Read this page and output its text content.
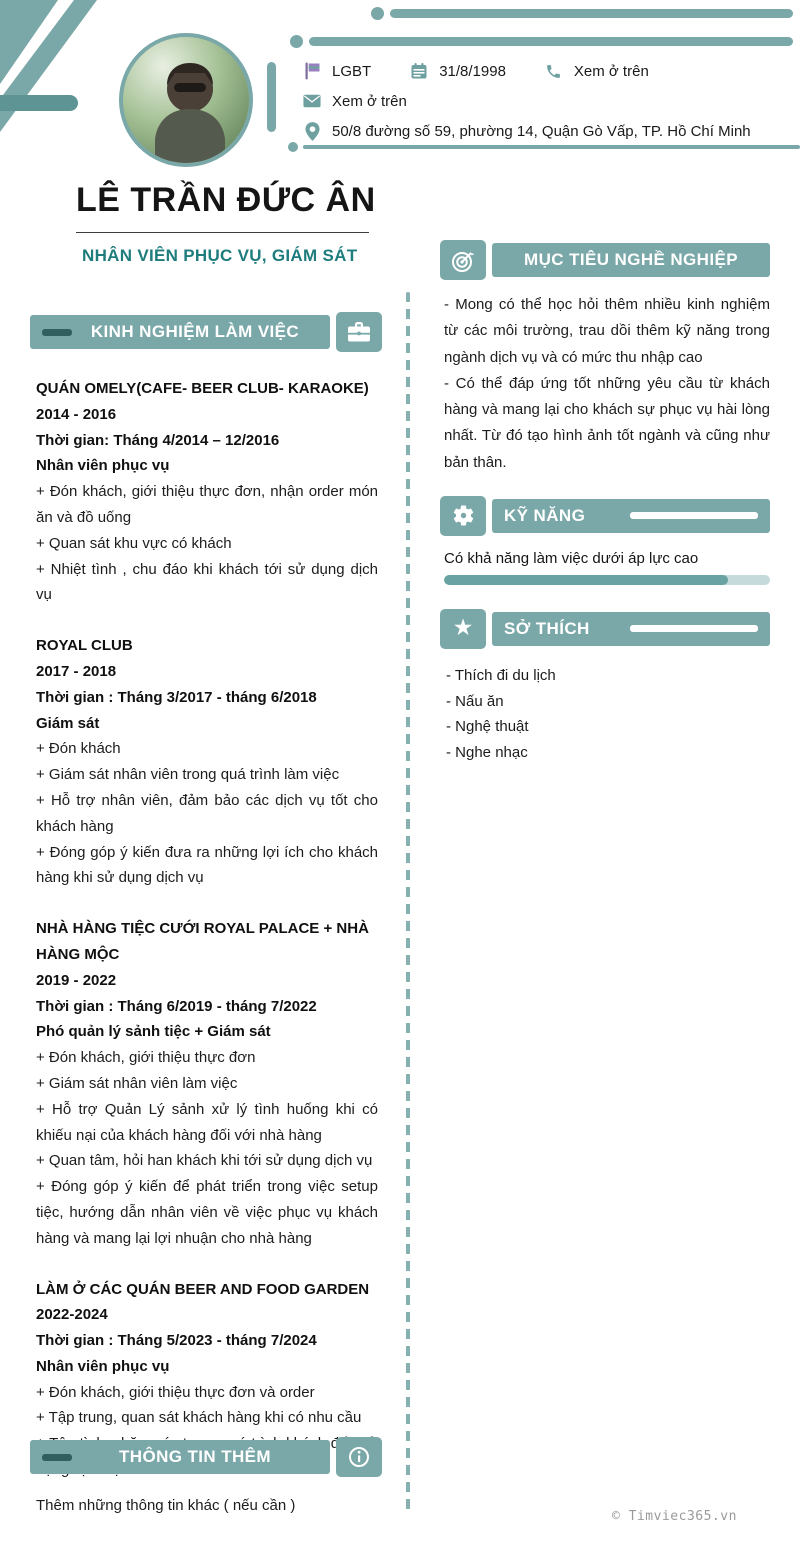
LGBT	31/8/1998	Xem ở trên
Xem ở trên
50/8 đường số 59, phường 14, Quận Gò Vấp, TP. Hồ Chí Minh
LÊ TRẦN ĐỨC ÂN
NHÂN VIÊN PHỤC VỤ, GIÁM SÁT
KINH NGHIỆM LÀM VIỆC
QUÁN OMELY(CAFE- BEER CLUB- KARAOKE)
2014 - 2016
Thời gian: Tháng 4/2014 – 12/2016
Nhân viên phục vụ
+ Đón khách, giới thiệu thực đơn, nhận order món ăn và đồ uống
+ Quan sát khu vực có khách
+ Nhiệt tình , chu đáo khi khách tới sử dụng dịch vụ
ROYAL CLUB
2017 - 2018
Thời gian : Tháng 3/2017 - tháng 6/2018
Giám sát
+ Đón khách
+ Giám sát nhân viên trong quá trình làm việc
+ Hỗ trợ nhân viên, đảm bảo các dịch vụ tốt cho khách hàng
+ Đóng góp ý kiến đưa ra những lợi ích cho khách hàng khi sử dụng dịch vụ
NHÀ HÀNG TIỆC CƯỚI ROYAL PALACE + NHÀ HÀNG MỘC
2019 - 2022
Thời gian : Tháng 6/2019 - tháng 7/2022
Phó quản lý sảnh tiệc + Giám sát
+ Đón khách, giới thiệu thực đơn
+ Giám sát nhân viên làm việc
+ Hỗ trợ Quản Lý sảnh xử lý tình huống khi có khiếu nại của khách hàng đối với nhà hàng
+ Quan tâm, hỏi han khách khi tới sử dụng dịch vụ
+ Đóng góp ý kiến để phát triển trong việc setup tiệc, hướng dẫn nhân viên về việc phục vụ khách hàng và mang lại lợi nhuận cho nhà hàng
LÀM Ở CÁC QUÁN BEER AND FOOD GARDEN
2022-2024
Thời gian : Tháng 5/2023 - tháng 7/2024
Nhân viên phục vụ
+ Đón khách, giới thiệu thực đơn và order
+ Tập trung, quan sát khách hàng khi có nhu cầu
THÔNG TIN THÊM
Thêm những thông tin khác ( nếu cần )
MỤC TIÊU NGHỀ NGHIỆP

- Mong có thể học hỏi thêm nhiều kinh nghiệm từ các môi trường, trau dồi thêm kỹ năng trong ngành dịch vụ và có mức thu nhập cao

- Có thể đáp ứng tốt những yêu cầu từ khách hàng và mang lại cho khách sự phục vụ hài lòng nhất. Từ đó tạo hình ảnh tốt ngành và cũng như bản thân.

KỸ NĂNG
Có khả năng làm việc dưới áp lực cao
★ SỞ THÍCH
- Thích đi du lịch
- Nấu ăn
- Nghệ thuật
- Nghe nhạc
© Timviec365.vn
